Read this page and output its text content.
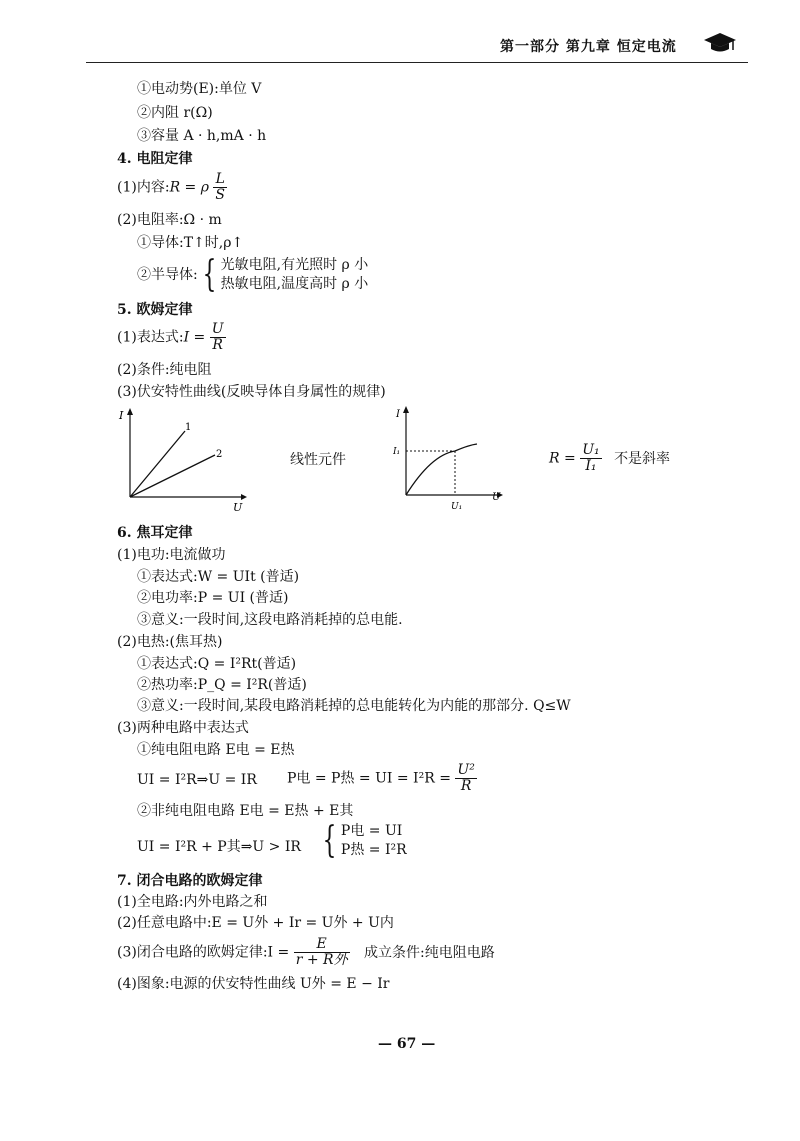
第一部分 第九章 恒定电流
①电动势(E):单位 V
②内阻 r(Ω)
③容量 A · h,mA · h
4. 电阻定律
(1)内容:R = ρ $\frac{L}{S}$
(2)电阻率:Ω · m
①导体:T↑时,ρ↑
②半导体: { 光敏电阻,有光照时 ρ 小
热敏电阻,温度高时 ρ 小
5. 欧姆定律
(1)表达式:I = $\frac{U}{R}$
(2)条件:纯电阻
(3)伏安特性曲线(反映导体自身属性的规律)
I
U
1
2	线性元件
I
U
I₁
U₁
$R = \frac{\text{U₁}}{\text{I₁}}$ 不是斜率
6. 焦耳定律
(1)电功:电流做功
①表达式:W = UIt (普适)
②电功率:P = UI (普适)
③意义:一段时间,这段电路消耗掉的总电能.
(2)电热:(焦耳热)
①表达式:Q = I²Rt(普适)
②热功率:P_Q = I²R(普适)
③意义:一段时间,某段电路消耗掉的总电能转化为内能的那部分. Q≤W
(3)两种电路中表达式
①纯电阻电路 E电 = E热
UI = I²R⇒U = IR P电 = P热 = UI = $I^2R = \frac{\text{U²}}{R}$
②非纯电阻电路 E电 = E热 + E其
UI = I²R + P其⇒U > IR { P电 = UI
P热 = I²R
7. 闭合电路的欧姆定律
(1)全电路:内外电路之和
(2)任意电路中:E = U外 + Ir = U外 + U内
(3)闭合电路的欧姆定律:I = $\frac{E}{\text{r + R外}}$ 成立条件:纯电阻电路
(4)图象:电源的伏安特性曲线 U外 = E − Ir
— 67 —
